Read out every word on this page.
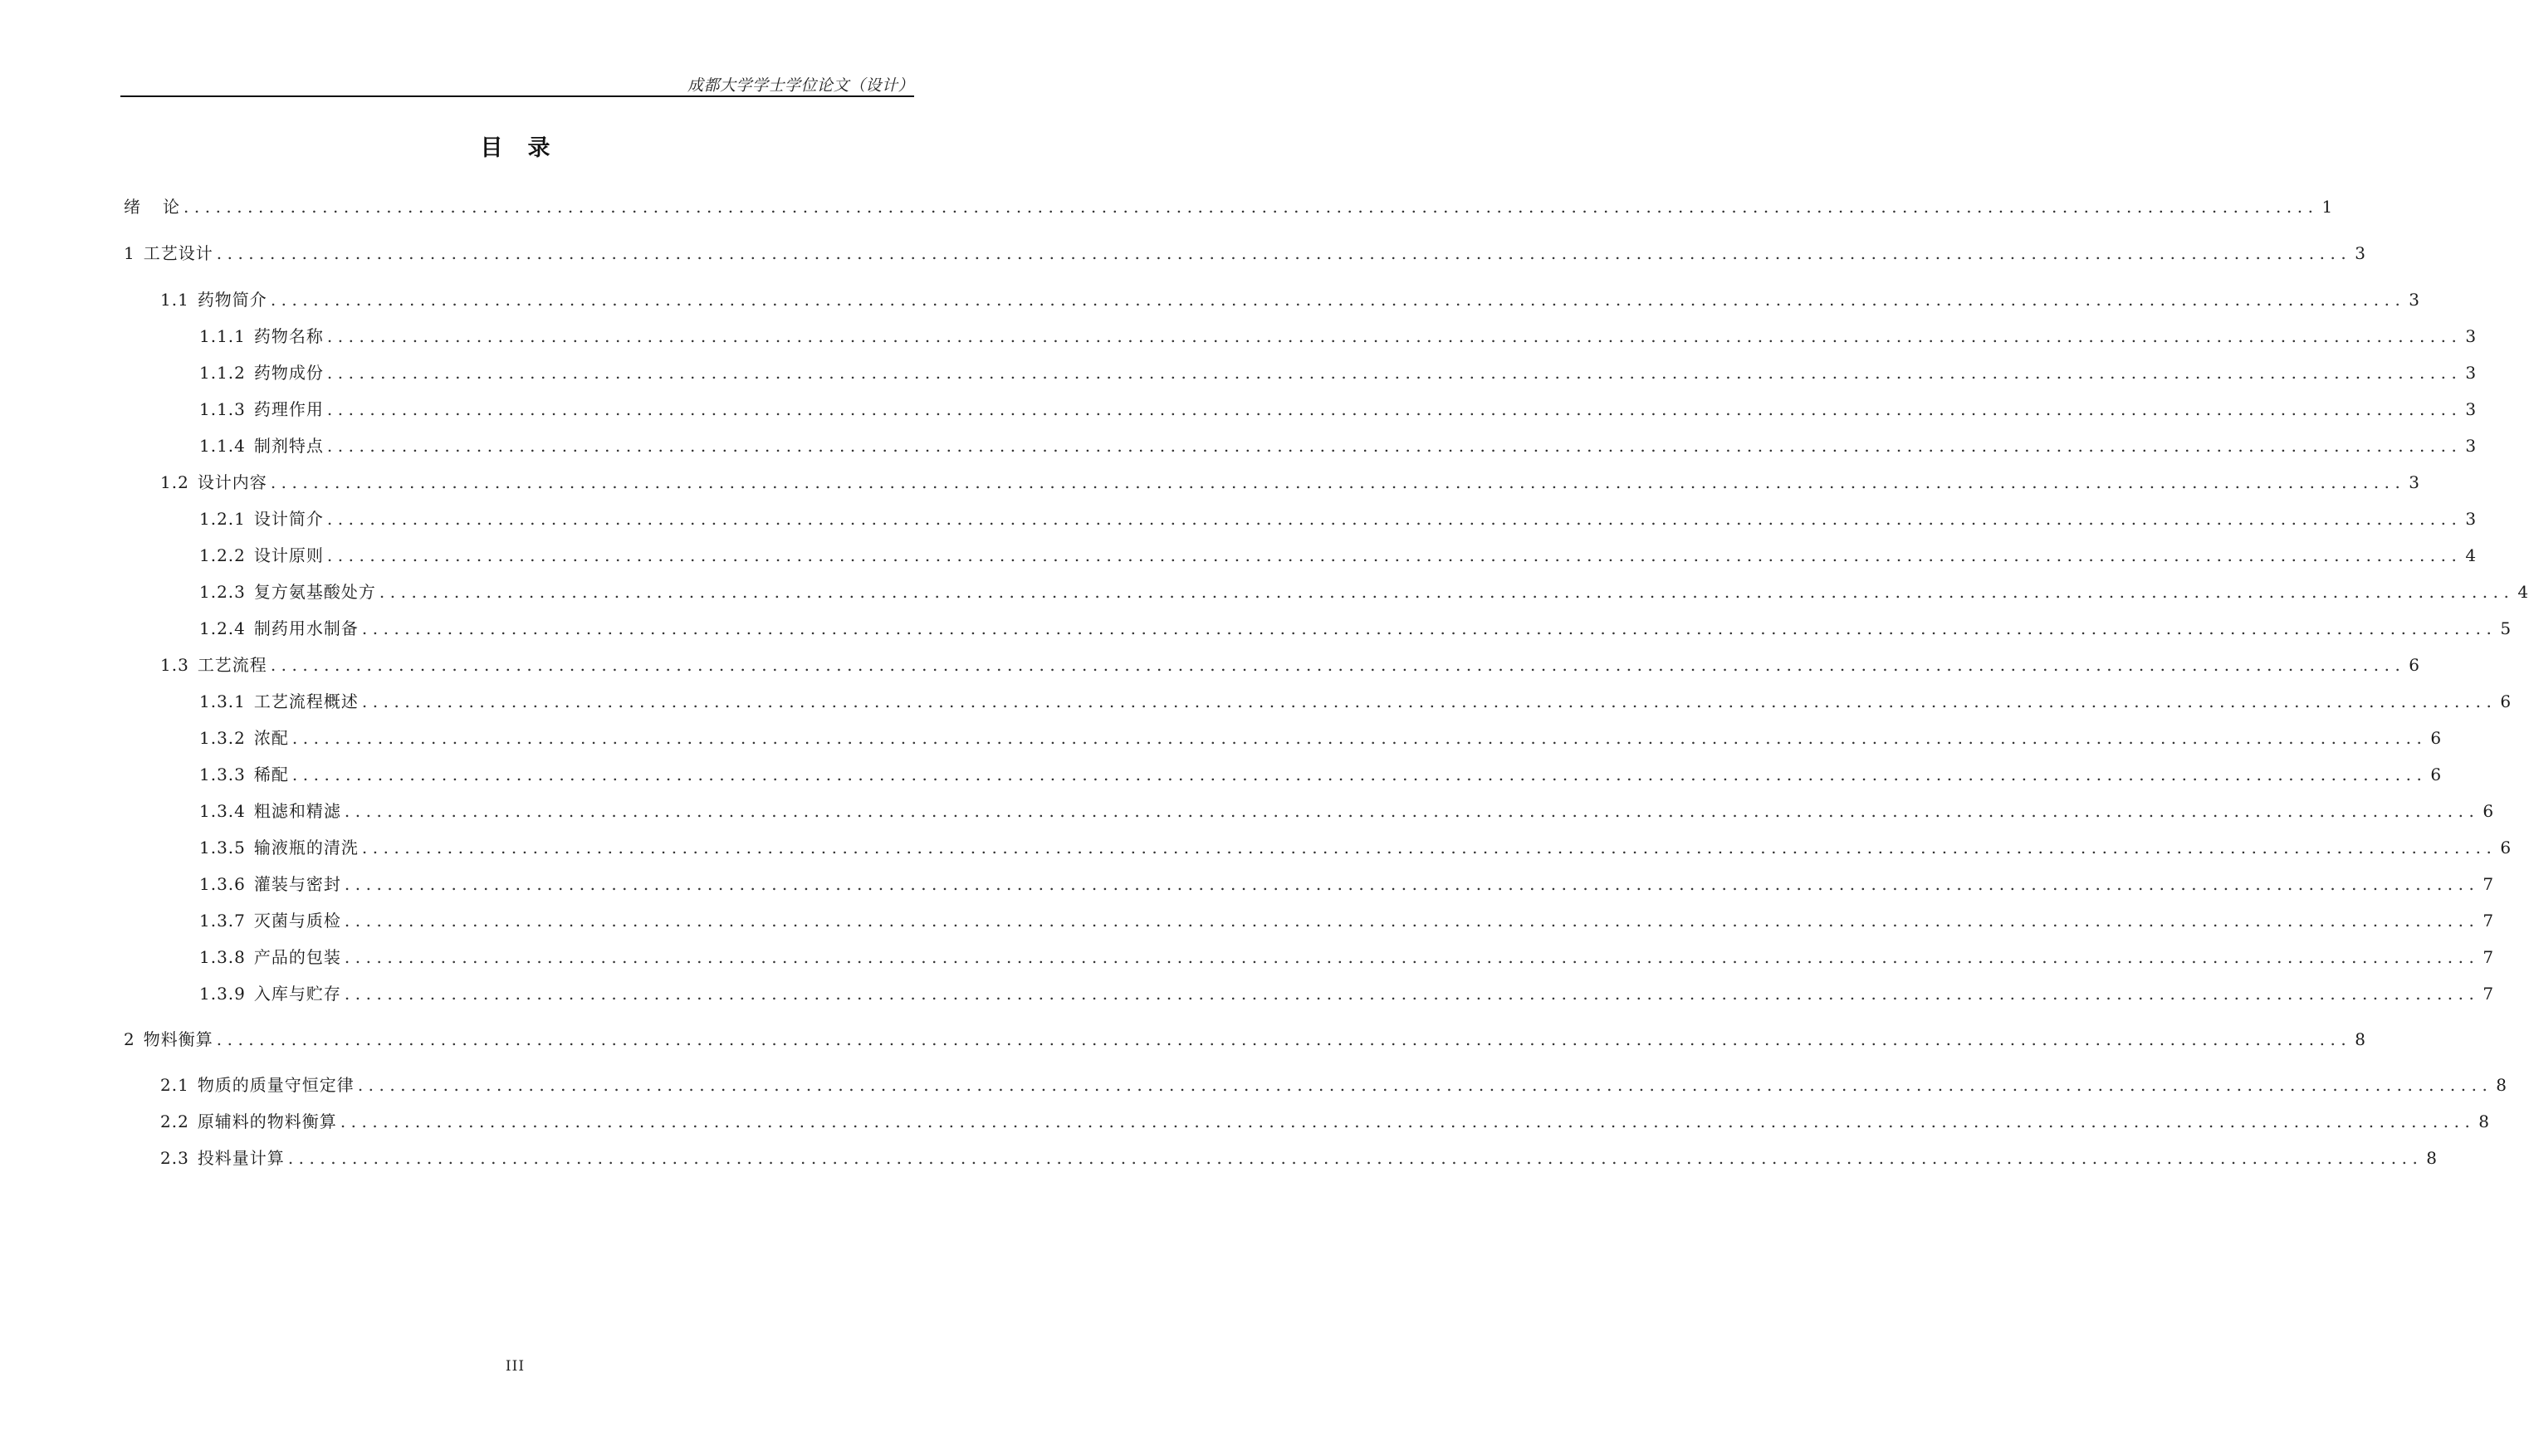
成都大学学士学位论文（设计）
目 录
绪 论 ........................................................................................................................................................................................................ 1
1 工艺设计 ........................................................................................................................................................................................................ 3
1.1 药物简介 ........................................................................................................................................................................................................ 3
1.1.1 药物名称 ........................................................................................................................................................................................................ 3
1.1.2 药物成份 ........................................................................................................................................................................................................ 3
1.1.3 药理作用 ........................................................................................................................................................................................................ 3
1.1.4 制剂特点 ........................................................................................................................................................................................................ 3
1.2 设计内容 ........................................................................................................................................................................................................ 3
1.2.1 设计简介 ........................................................................................................................................................................................................ 3
1.2.2 设计原则 ........................................................................................................................................................................................................ 4
1.2.3 复方氨基酸处方 ........................................................................................................................................................................................................ 4
1.2.4 制药用水制备 ........................................................................................................................................................................................................ 5
1.3 工艺流程 ........................................................................................................................................................................................................ 6
1.3.1 工艺流程概述 ........................................................................................................................................................................................................ 6
1.3.2 浓配 ........................................................................................................................................................................................................ 6
1.3.3 稀配 ........................................................................................................................................................................................................ 6
1.3.4 粗滤和精滤 ........................................................................................................................................................................................................ 6
1.3.5 输液瓶的清洗 ........................................................................................................................................................................................................ 6
1.3.6 灌装与密封 ........................................................................................................................................................................................................ 7
1.3.7 灭菌与质检 ........................................................................................................................................................................................................ 7
1.3.8 产品的包装 ........................................................................................................................................................................................................ 7
1.3.9 入库与贮存 ........................................................................................................................................................................................................ 7
2 物料衡算 ........................................................................................................................................................................................................ 8
2.1 物质的质量守恒定律 ........................................................................................................................................................................................................ 8
2.2 原辅料的物料衡算 ........................................................................................................................................................................................................ 8
2.3 投料量计算 ........................................................................................................................................................................................................ 8
III
